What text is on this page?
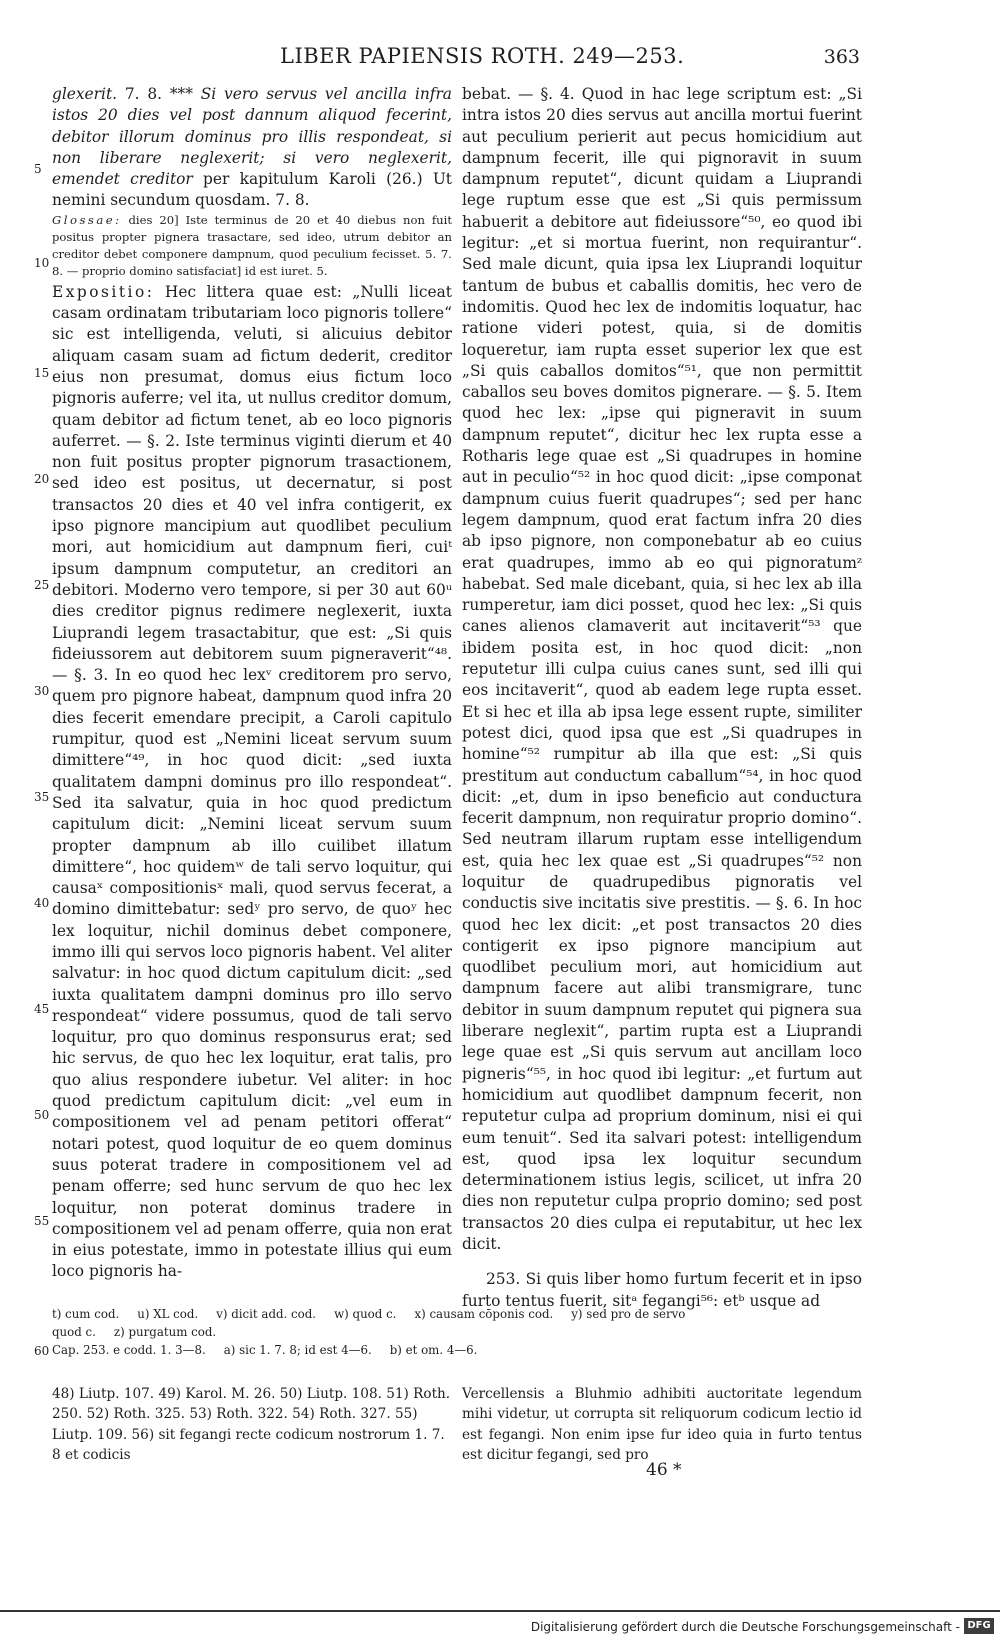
LIBER PAPIENSIS ROTH. 249—253.	363
5
10
15
20
25
30
35
40
45
50
55
60

glexerit. 7. 8. *** Si vero servus vel ancilla infra istos 20 dies vel post dannum aliquod fecerint, debitor illorum dominus pro illis respondeat, si non liberare neglexerit; si vero neglexerit, emendet creditor per kapitulum Karoli (26.) Ut nemini secundum quosdam. 7. 8.

Glossae: dies 20] Iste terminus de 20 et 40 diebus non fuit positus propter pignera trasactare, sed ideo, utrum debitor an creditor debet componere dampnum, quod peculium fecisset. 5. 7. 8. — proprio domino satisfaciat] id est iuret. 5.

Expositio: Hec littera quae est: „Nulli liceat casam ordinatam tributariam loco pignoris tollere“ sic est intelligenda, veluti, si alicuius debitor aliquam casam suam ad fictum dederit, creditor eius non presumat, domus eius fictum loco pignoris auferre; vel ita, ut nullus creditor domum, quam debitor ad fictum tenet, ab eo loco pignoris auferret. — §. 2. Iste terminus viginti dierum et 40 non fuit positus propter pignorum trasactionem, sed ideo est positus, ut decernatur, si post transactos 20 dies et 40 vel infra contigerit, ex ipso pignore mancipium aut quodlibet peculium mori, aut homicidium aut dampnum fieri, cuiᵗ ipsum dampnum computetur, an creditori an debitori. Moderno vero tempore, si per 30 aut 60ᵘ dies creditor pignus redimere neglexerit, iuxta Liuprandi legem trasactabitur, que est: „Si quis fideiussorem aut debitorem suum pigneraverit“⁴⁸. — §. 3. In eo quod hec lexᵛ creditorem pro servo, quem pro pignore habeat, dampnum quod infra 20 dies fecerit emendare precipit, a Caroli capitulo rumpitur, quod est „Nemini liceat servum suum dimittere“⁴⁹, in hoc quod dicit: „sed iuxta qualitatem dampni dominus pro illo respondeat“. Sed ita salvatur, quia in hoc quod predictum capitulum dicit: „Nemini liceat servum suum propter dampnum ab illo cuilibet illatum dimittere“, hoc quidemʷ de tali servo loquitur, qui causaˣ compositionisˣ mali, quod servus fecerat, a domino dimittebatur: sedʸ pro servo, de quoʸ hec lex loquitur, nichil dominus debet componere, immo illi qui servos loco pignoris habent. Vel aliter salvatur: in hoc quod dictum capitulum dicit: „sed iuxta qualitatem dampni dominus pro illo servo respondeat“ videre possumus, quod de tali servo loquitur, pro quo dominus responsurus erat; sed hic servus, de quo hec lex loquitur, erat talis, pro quo alius respondere iubetur. Vel aliter: in hoc quod predictum capitulum dicit: „vel eum in compositionem vel ad penam petitori offerat“ notari potest, quod loquitur de eo quem dominus suus poterat tradere in compositionem vel ad penam offerre; sed hunc servum de quo hec lex loquitur, non poterat dominus tradere in compositionem vel ad penam offerre, quia non erat in eius potestate, immo in potestate illius qui eum loco pignoris ha-

bebat. — §. 4. Quod in hac lege scriptum est: „Si intra istos 20 dies servus aut ancilla mortui fuerint aut peculium perierit aut pecus homicidium aut dampnum fecerit, ille qui pignoravit in suum dampnum reputet“, dicunt quidam a Liuprandi lege ruptum esse que est „Si quis permissum habuerit a debitore aut fideiussore“⁵⁰, eo quod ibi legitur: „et si mortua fuerint, non requirantur“. Sed male dicunt, quia ipsa lex Liuprandi loquitur tantum de bubus et caballis domitis, hec vero de indomitis. Quod hec lex de indomitis loquatur, hac ratione videri potest, quia, si de domitis loqueretur, iam rupta esset superior lex que est „Si quis caballos domitos“⁵¹, que non permittit caballos seu boves domitos pignerare. — §. 5. Item quod hec lex: „ipse qui pigneravit in suum dampnum reputet“, dicitur hec lex rupta esse a Rotharis lege quae est „Si quadrupes in homine aut in peculio“⁵² in hoc quod dicit: „ipse componat dampnum cuius fuerit quadrupes“; sed per hanc legem dampnum, quod erat factum infra 20 dies ab ipso pignore, non componebatur ab eo cuius erat quadrupes, immo ab eo qui pignoratumᶻ habebat. Sed male dicebant, quia, si hec lex ab illa rumperetur, iam dici posset, quod hec lex: „Si quis canes alienos clamaverit aut incitaverit“⁵³ que ibidem posita est, in hoc quod dicit: „non reputetur illi culpa cuius canes sunt, sed illi qui eos incitaverit“, quod ab eadem lege rupta esset. Et si hec et illa ab ipsa lege essent rupte, similiter potest dici, quod ipsa que est „Si quadrupes in homine“⁵² rumpitur ab illa que est: „Si quis prestitum aut conductum caballum“⁵⁴, in hoc quod dicit: „et, dum in ipso beneficio aut conductura fecerit dampnum, non requiratur proprio domino“. Sed neutram illarum ruptam esse intelligendum est, quia hec lex quae est „Si quadrupes“⁵² non loquitur de quadrupedibus pignoratis vel conductis sive incitatis sive prestitis. — §. 6. In hoc quod hec lex dicit: „et post transactos 20 dies contigerit ex ipso pignore mancipium aut quodlibet peculium mori, aut homicidium aut dampnum facere aut alibi transmigrare, tunc debitor in suum dampnum reputet qui pignera sua liberare neglexit“, partim rupta est a Liuprandi lege quae est „Si quis servum aut ancillam loco pigneris“⁵⁵, in hoc quod ibi legitur: „et furtum aut homicidium aut quodlibet dampnum fecerit, non reputetur culpa ad proprium dominum, nisi ei qui eum tenuit“. Sed ita salvari potest: intelligendum est, quod ipsa lex loquitur secundum determinationem istius legis, scilicet, ut infra 20 dies non reputetur culpa proprio domino; sed post transactos 20 dies culpa ei reputabitur, ut hec lex dicit.

253. Si quis liber homo furtum fecerit et in ipso furto tentus fuerit, sitᵃ fegangi⁵⁶: etᵇ usque ad

t) cum cod. u) XL cod. v) dicit add. cod. w) quod c. x) causam cōponis cod. y) sed pro de servo
quod c. z) purgatum cod.
Cap. 253. e codd. 1. 3—8. a) sic 1. 7. 8; id est 4—6. b) et om. 4—6.

48) Liutp. 107. 49) Karol. M. 26. 50) Liutp. 108. 51) Roth. 250. 52) Roth. 325. 53) Roth. 322. 54) Roth. 327. 55) Liutp. 109. 56) sit fegangi recte codicum nostrorum 1. 7. 8 et codicis

Vercellensis a Bluhmio adhibiti auctoritate legendum mihi videtur, ut corrupta sit reliquorum codicum lectio id est fegangi. Non enim ipse fur ideo quia in furto tentus est dicitur fegangi, sed pro

46 *
Digitalisierung gefördert durch die Deutsche Forschungsgemeinschaft - DFG
